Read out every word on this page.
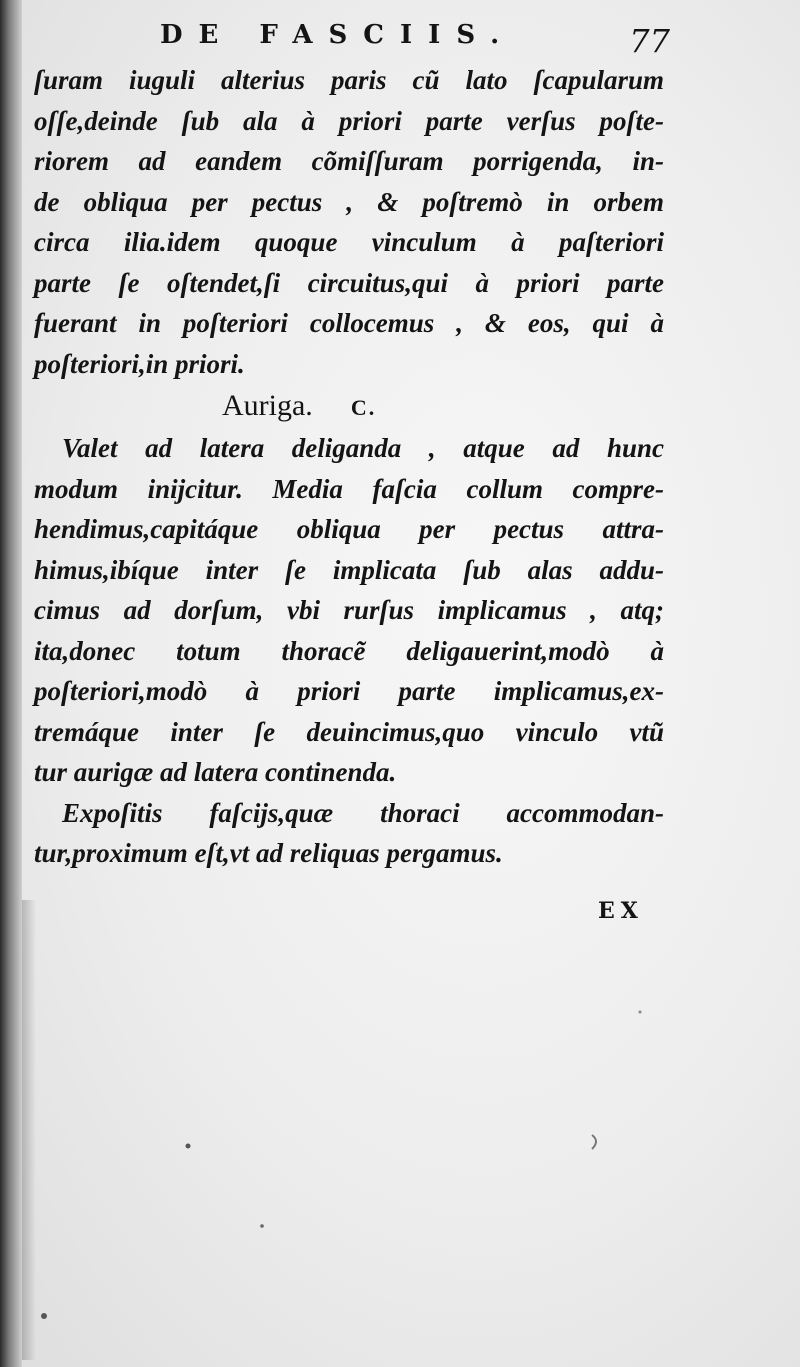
DE FASCIIS.	77
ſuram iuguli alterius paris cũ lato ſcapularum
oſſe,deinde ſub ala à priori parte verſus poſte-
riorem ad eandem cõmiſſuram porrigenda, in-
de obliqua per pectus , & poſtremò in orbem
circa ilia.idem quoque vinculum à paſteriori
parte ſe oſtendet,ſi circuitus,qui à priori parte
fuerant in poſteriori collocemus , & eos, qui à
poſteriori,in priori.
Auriga. C.
Valet ad latera deliganda , atque ad hunc
modum inijcitur. Media faſcia collum compre-
hendimus,capitáque obliqua per pectus attra-
himus,ibíque inter ſe implicata ſub alas addu-
cimus ad dorſum, vbi rurſus implicamus , atq;
ita,donec totum thoracẽ deligauerint,modò à
poſteriori,modò à priori parte implicamus,ex-
tremáque inter ſe deuincimus,quo vinculo vtũ
tur aurigæ ad latera continenda.
Expoſitis faſcijs,quæ thoraci accommodan-
tur,proximum eſt,vt ad reliquas pergamus.
EX
